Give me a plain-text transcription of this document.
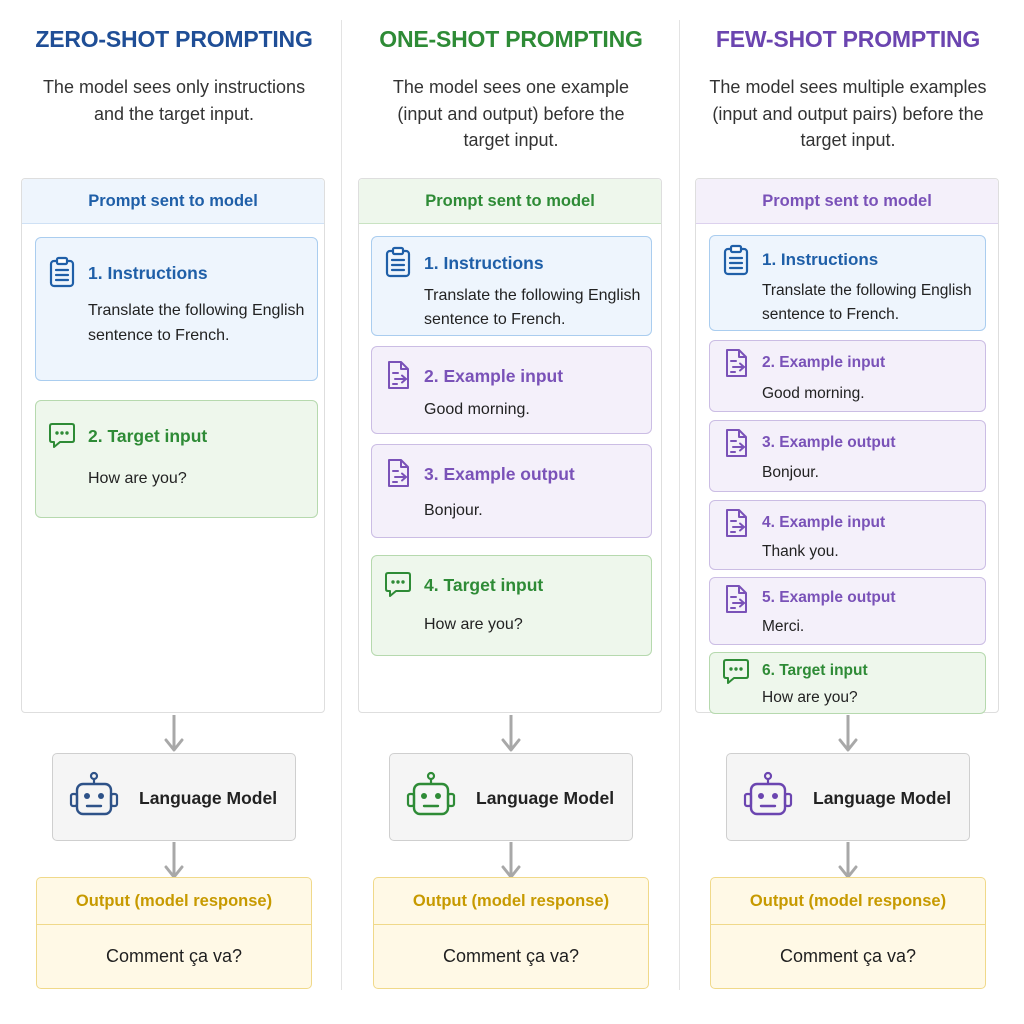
ZERO-SHOT PROMPTING
The model sees only instructions and the target input.
Prompt sent to model
1. Instructions
Translate the following English sentence to French.
2. Target input
How are you?
Language Model
Output (model response)
Comment ça va?
ONE-SHOT PROMPTING
The model sees one example (input and output) before the target input.
Prompt sent to model
1. Instructions
Translate the following English sentence to French.
2. Example input
Good morning.
3. Example output
Bonjour.
4. Target input
How are you?
Language Model
Output (model response)
Comment ça va?
FEW-SHOT PROMPTING
The model sees multiple examples (input and output pairs) before the target input.
Prompt sent to model
1. Instructions
Translate the following English sentence to French.
2. Example input
Good morning.
3. Example output
Bonjour.
4. Example input
Thank you.
5. Example output
Merci.
6. Target input
How are you?
Language Model
Output (model response)
Comment ça va?
